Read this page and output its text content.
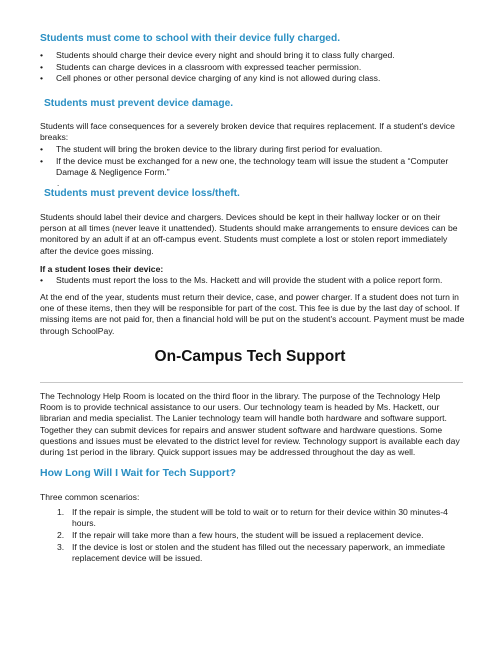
Students must come to school with their device fully charged.
• Students should charge their device every night and should bring it to class fully charged.
• Students can charge devices in a classroom with expressed teacher permission.
• Cell phones or other personal device charging of any kind is not allowed during class.
Students must prevent device damage.
Students will face consequences for a severely broken device that requires replacement. If a student's device breaks:
• The student will bring the broken device to the library during first period for evaluation.
• If the device must be exchanged for a new one, the technology team will issue the student a “Computer Damage & Negligence Form.”
.
Students must prevent device loss/theft.
Students should label their device and chargers. Devices should be kept in their hallway locker or on their person at all times (never leave it unattended). Students should make arrangements to ensure devices can be monitored by an adult if at an off-campus event. Students must complete a lost or stolen report immediately after the device goes missing.
If a student loses their device:
• Students must report the loss to the Ms. Hackett and will provide the student with a police report form.
At the end of the year, students must return their device, case, and power charger. If a student does not turn in one of these items, then they will be responsible for part of the cost. This fee is due by the last day of school. If missing items are not paid for, then a financial hold will be put on the student's account. Payment must be made through SchoolPay.
On-Campus Tech Support
The Technology Help Room is located on the third floor in the library. The purpose of the Technology Help Room is to provide technical assistance to our users. Our technology team is headed by Ms. Hackett, our librarian and media specialist. The Lanier technology team will handle both hardware and software support. Together they can submit devices for repairs and answer student software and hardware questions. Some questions and issues must be elevated to the district level for review. Technology support is available each day during 1st period in the library. Quick support issues may be addressed throughout the day as well.
How Long Will I Wait for Tech Support?
Three common scenarios:
1. If the repair is simple, the student will be told to wait or to return for their device within 30 minutes-4 hours.
2. If the repair will take more than a few hours, the student will be issued a replacement device.
3. If the device is lost or stolen and the student has filled out the necessary paperwork, an immediate replacement device will be issued.
